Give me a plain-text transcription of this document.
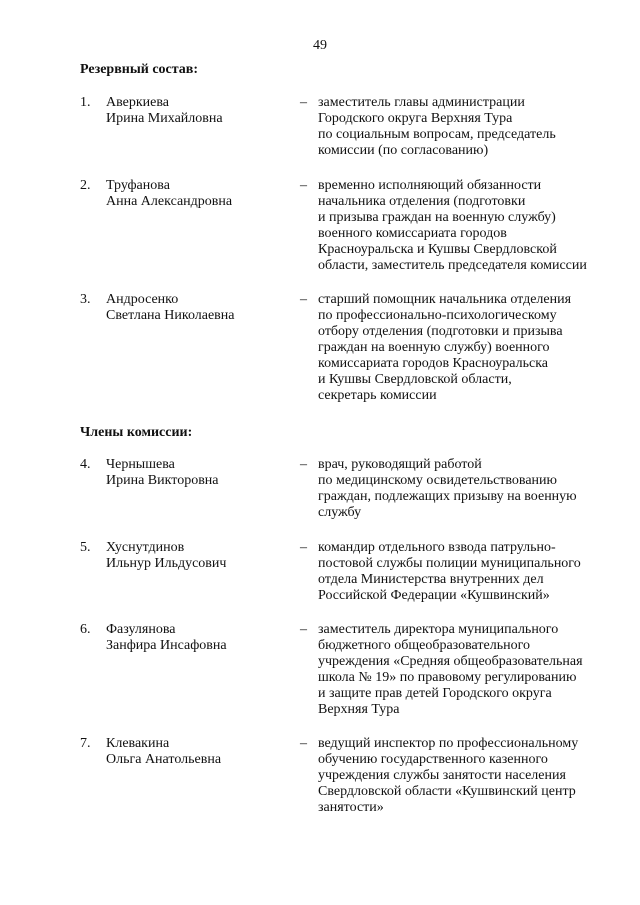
49
Резервный состав:
1. Аверкиева
Ирина Михайловна
– заместитель главы администрации
Городского округа Верхняя Тура
по социальным вопросам, председатель
комиссии (по согласованию)
2. Труфанова
Анна Александровна
– временно исполняющий обязанности
начальника отделения (подготовки
и призыва граждан на военную службу)
военного комиссариата городов
Красноуральска и Кушвы Свердловской
области, заместитель председателя комиссии
3. Андросенко
Светлана Николаевна
– старший помощник начальника отделения
по профессионально-психологическому
отбору отделения (подготовки и призыва
граждан на военную службу) военного
комиссариата городов Красноуральска
и Кушвы Свердловской области,
секретарь комиссии
Члены комиссии:
4. Чернышева
Ирина Викторовна
– врач, руководящий работой
по медицинскому освидетельствованию
граждан, подлежащих призыву на военную
службу
5. Хуснутдинов
Ильнур Ильдусович
– командир отдельного взвода патрульно-
постовой службы полиции муниципального
отдела Министерства внутренних дел
Российской Федерации «Кушвинский»
6. Фазулянова
Занфира Инсафовна
– заместитель директора муниципального
бюджетного общеобразовательного
учреждения «Средняя общеобразовательная
школа № 19» по правовому регулированию
и защите прав детей Городского округа
Верхняя Тура
7. Клевакина
Ольга Анатольевна
– ведущий инспектор по профессиональному
обучению государственного казенного
учреждения службы занятости населения
Свердловской области «Кушвинский центр
занятости»
